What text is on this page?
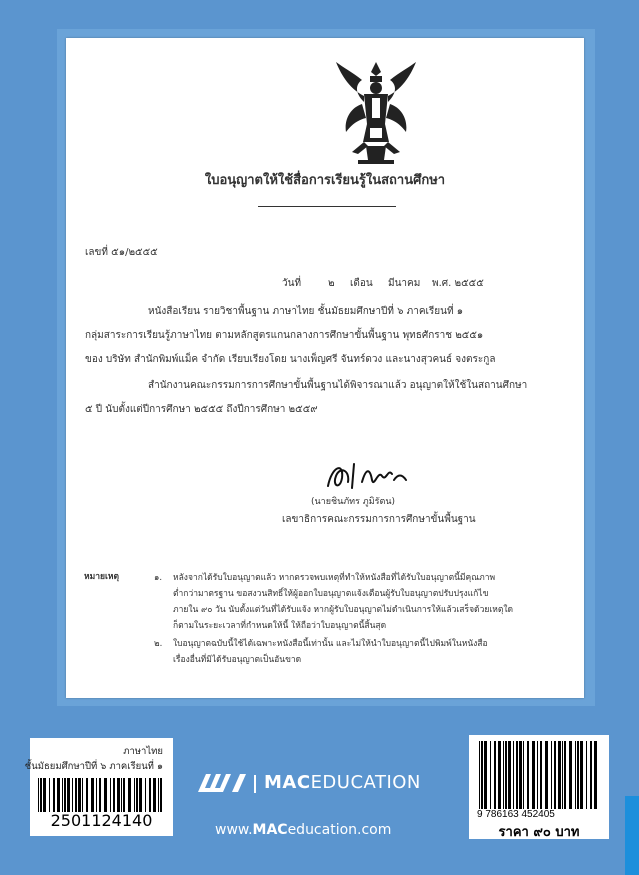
ใบอนุญาตให้ใช้สื่อการเรียนรู้ในสถานศึกษา
เลขที่ ๕๑/๒๕๕๕
วันที่	๒ เดือน มีนาคม พ.ศ. ๒๕๕๕
หนังสือเรียน รายวิชาพื้นฐาน ภาษาไทย ชั้นมัธยมศึกษาปีที่ ๖ ภาคเรียนที่ ๑
กลุ่มสาระการเรียนรู้ภาษาไทย ตามหลักสูตรแกนกลางการศึกษาขั้นพื้นฐาน พุทธศักราช ๒๕๕๑
ของ บริษัท สำนักพิมพ์แม็ค จำกัด เรียบเรียงโดย นางเพ็ญศรี จันทร์ดวง และนางสุวคนธ์ จงตระกูล
สำนักงานคณะกรรมการการศึกษาขั้นพื้นฐานได้พิจารณาแล้ว อนุญาตให้ใช้ในสถานศึกษา
๕ ปี นับตั้งแต่ปีการศึกษา ๒๕๕๕ ถึงปีการศึกษา ๒๕๕๙
(นายชินภัทร ภูมิรัตน)
เลขาธิการคณะกรรมการการศึกษาขั้นพื้นฐาน
หมายเหตุ	๑. หลังจากได้รับใบอนุญาตแล้ว หากตรวจพบเหตุที่ทำให้หนังสือที่ได้รับใบอนุญาตนี้มีคุณภาพ
ต่ำกว่ามาตรฐาน ขอสงวนสิทธิ์ให้ผู้ออกใบอนุญาตแจ้งเตือนผู้รับใบอนุญาตปรับปรุงแก้ไข
ภายใน ๙๐ วัน นับตั้งแต่วันที่ได้รับแจ้ง หากผู้รับใบอนุญาตไม่ดำเนินการให้แล้วเสร็จด้วยเหตุใด
ก็ตามในระยะเวลาที่กำหนดให้นี้ ให้ถือว่าใบอนุญาตนี้สิ้นสุด
๒. ใบอนุญาตฉบับนี้ใช้ได้เฉพาะหนังสือนี้เท่านั้น และไม่ให้นำใบอนุญาตนี้ไปพิมพ์ในหนังสือ
เรื่องอื่นที่มิได้รับอนุญาตเป็นอันขาด
ภาษาไทย
ชั้นมัธยมศึกษาปีที่ ๖ ภาคเรียนที่ ๑
2501124140
MACEDUCATION
www.MACeducation.com
9 786163 452405
ราคา ๙๐ บาท
